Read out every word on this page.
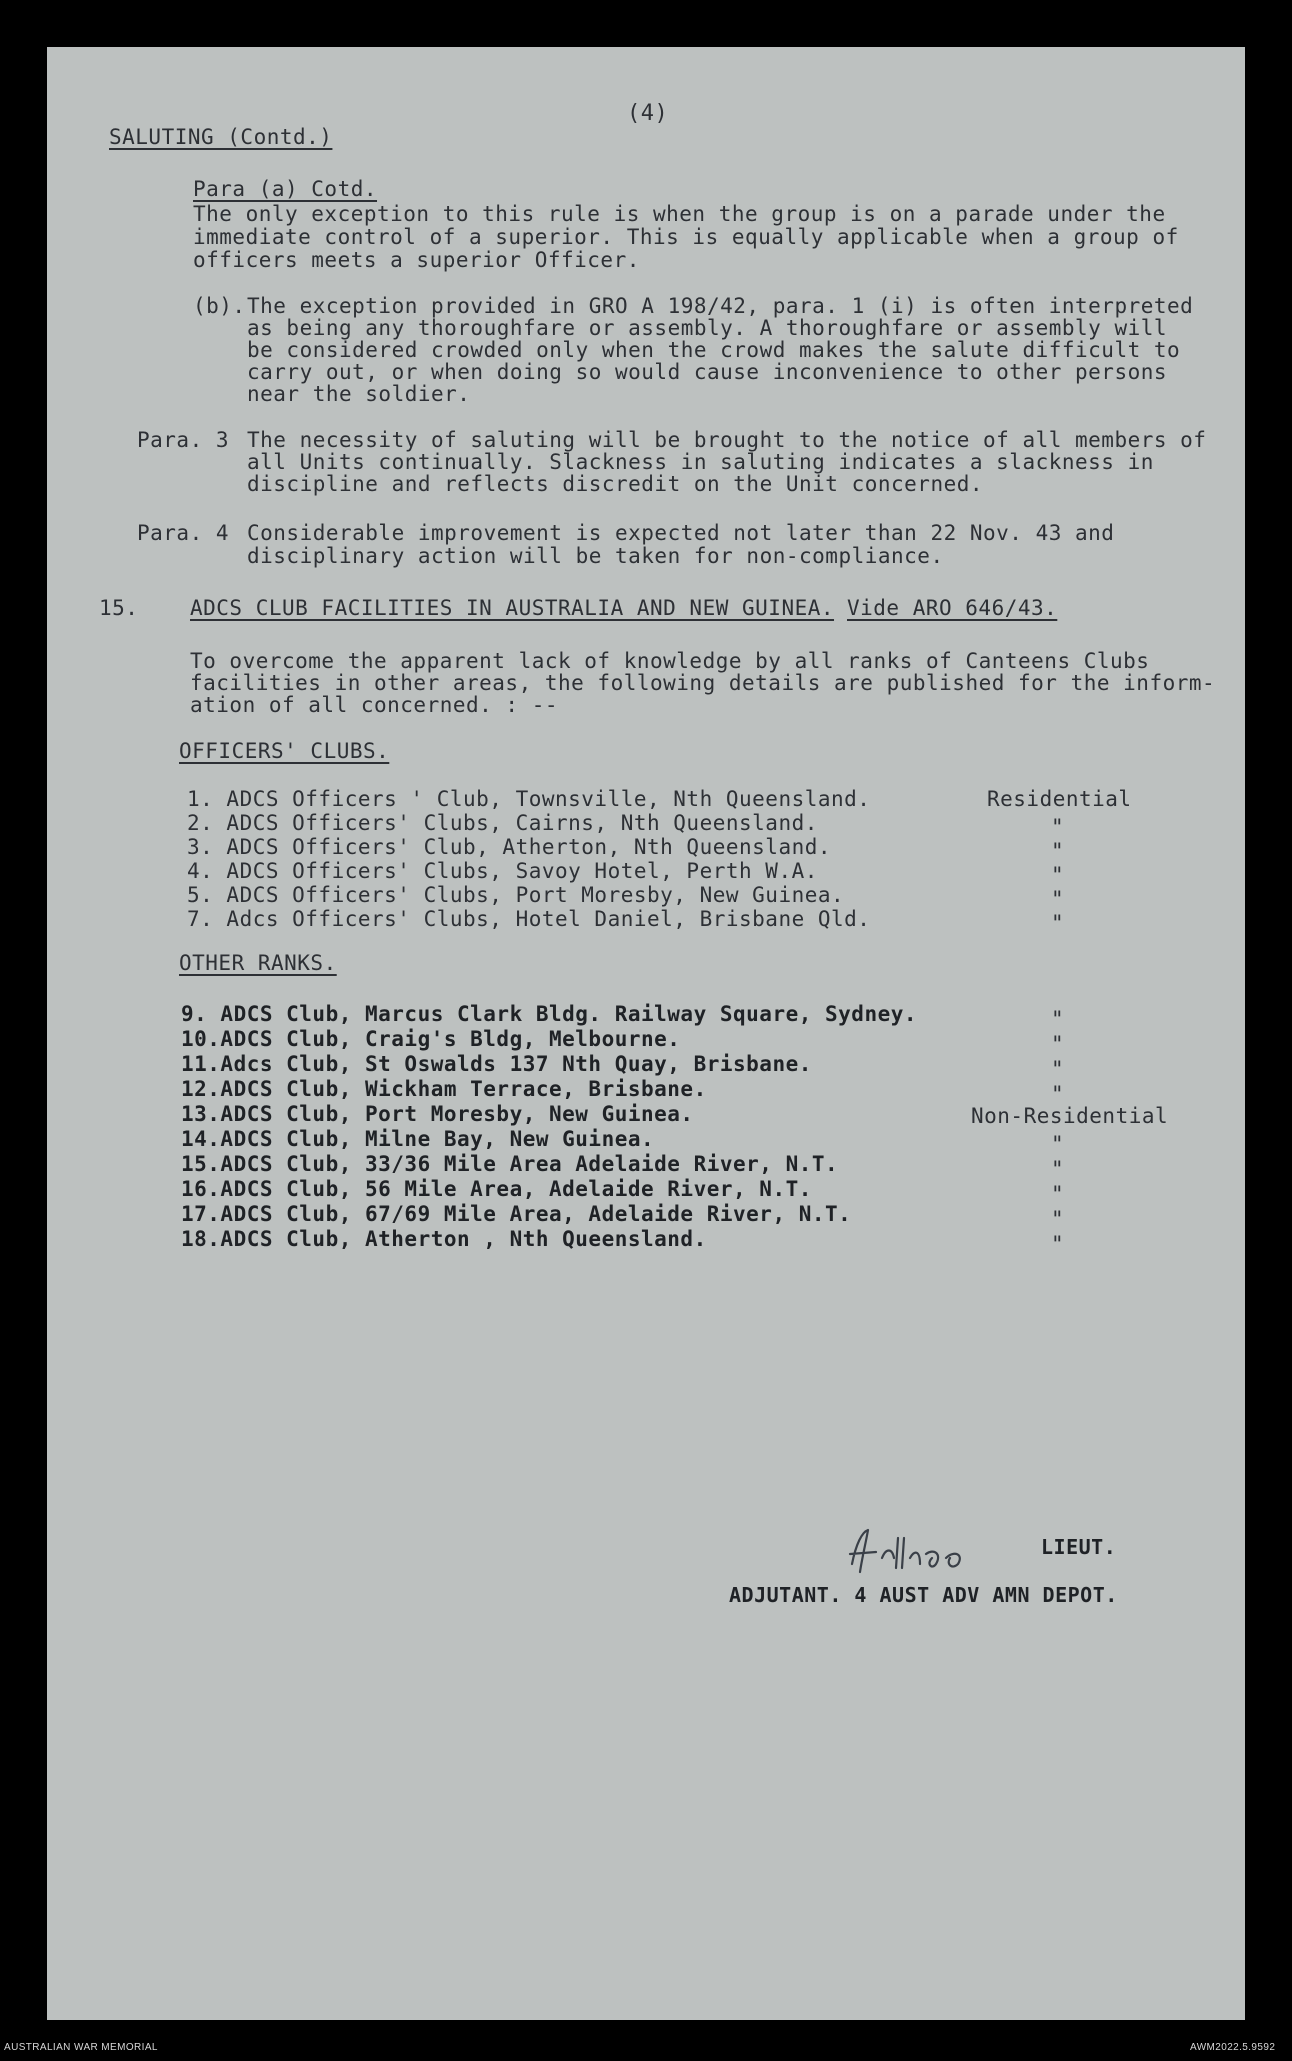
(4)
SALUTING (Contd.)
Para (a) Cotd.
The only exception to this rule is when the group is on a parade under the
immediate control of a superior. This is equally applicable when a group of
officers meets a superior Officer.
(b). The exception provided in GRO A 198/42, para. 1 (i) is often interpreted
as being any thoroughfare or assembly. A thoroughfare or assembly will
be considered crowded only when the crowd makes the salute difficult to
carry out, or when doing so would cause inconvenience to other persons
near the soldier.
Para. 3 The necessity of saluting will be brought to the notice of all members of
all Units continually. Slackness in saluting indicates a slackness in
discipline and reflects discredit on the Unit concerned.
Para. 4 Considerable improvement is expected not later than 22 Nov. 43 and
disciplinary action will be taken for non-compliance.
15. ADCS CLUB FACILITIES IN AUSTRALIA AND NEW GUINEA. Vide ARO 646/43.
To overcome the apparent lack of knowledge by all ranks of Canteens Clubs
facilities in other areas, the following details are published for the inform-
ation of all concerned. : --
OFFICERS' CLUBS.
1. ADCS Officers ' Club, Townsville, Nth Queensland.	Residential
2. ADCS Officers' Clubs, Cairns, Nth Queensland.	"
3. ADCS Officers' Club, Atherton, Nth Queensland.	"
4. ADCS Officers' Clubs, Savoy Hotel, Perth W.A.	"
5. ADCS Officers' Clubs, Port Moresby, New Guinea.	"
7. Adcs Officers' Clubs, Hotel Daniel, Brisbane Qld.	"
OTHER RANKS.
9. ADCS Club, Marcus Clark Bldg. Railway Square, Sydney.	"
10.ADCS Club, Craig's Bldg, Melbourne.	"
11.Adcs Club, St Oswalds 137 Nth Quay, Brisbane.	"
12.ADCS Club, Wickham Terrace, Brisbane.	"
13.ADCS Club, Port Moresby, New Guinea.	Non-Residential
14.ADCS Club, Milne Bay, New Guinea.	"
15.ADCS Club, 33/36 Mile Area Adelaide River, N.T.	"
16.ADCS Club, 56 Mile Area, Adelaide River, N.T.	"
17.ADCS Club, 67/69 Mile Area, Adelaide River, N.T.	"
18.ADCS Club, Atherton , Nth Queensland.	"
LIEUT.
ADJUTANT. 4 AUST ADV AMN DEPOT.
AUSTRALIAN WAR MEMORIAL	AWM2022.5.9592
